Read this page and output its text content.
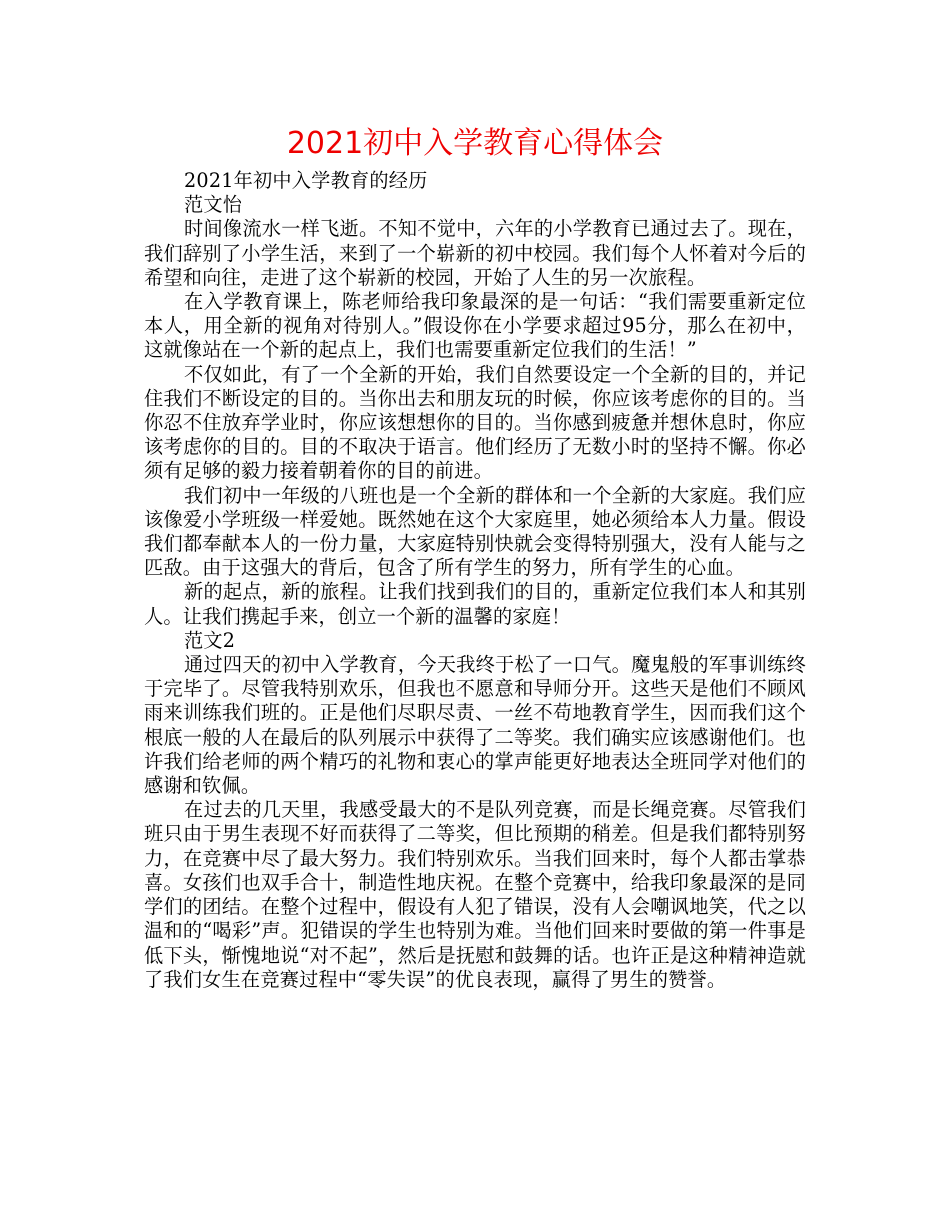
2021初中入学教育心得体会

2021年初中入学教育的经历

范文怡

时间像流水一样飞逝。不知不觉中，六年的小学教育已通过去了。现在，我们辞别了小学生活，来到了一个崭新的初中校园。我们每个人怀着对今后的希望和向往，走进了这个崭新的校园，开始了人生的另一次旅程。

在入学教育课上，陈老师给我印象最深的是一句话：“我们需要重新定位本人，用全新的视角对待别人。”假设你在小学要求超过95分，那么在初中，这就像站在一个新的起点上，我们也需要重新定位我们的生活！”

不仅如此，有了一个全新的开始，我们自然要设定一个全新的目的，并记住我们不断设定的目的。当你出去和朋友玩的时候，你应该考虑你的目的。当你忍不住放弃学业时，你应该想想你的目的。当你感到疲惫并想休息时，你应该考虑你的目的。目的不取决于语言。他们经历了无数小时的坚持不懈。你必须有足够的毅力接着朝着你的目的前进。

我们初中一年级的八班也是一个全新的群体和一个全新的大家庭。我们应该像爱小学班级一样爱她。既然她在这个大家庭里，她必须给本人力量。假设我们都奉献本人的一份力量，大家庭特别快就会变得特别强大，没有人能与之匹敌。由于这强大的背后，包含了所有学生的努力，所有学生的心血。

新的起点，新的旅程。让我们找到我们的目的，重新定位我们本人和其别人。让我们携起手来，创立一个新的温馨的家庭！

范文2

通过四天的初中入学教育，今天我终于松了一口气。魔鬼般的军事训练终于完毕了。尽管我特别欢乐，但我也不愿意和导师分开。这些天是他们不顾风雨来训练我们班的。正是他们尽职尽责、一丝不苟地教育学生，因而我们这个根底一般的人在最后的队列展示中获得了二等奖。我们确实应该感谢他们。也许我们给老师的两个精巧的礼物和衷心的掌声能更好地表达全班同学对他们的感谢和钦佩。

在过去的几天里，我感受最大的不是队列竞赛，而是长绳竞赛。尽管我们班只由于男生表现不好而获得了二等奖，但比预期的稍差。但是我们都特别努力，在竞赛中尽了最大努力。我们特别欢乐。当我们回来时，每个人都击掌恭喜。女孩们也双手合十，制造性地庆祝。在整个竞赛中，给我印象最深的是同学们的团结。在整个过程中，假设有人犯了错误，没有人会嘲讽地笑，代之以温和的“喝彩”声。犯错误的学生也特别为难。当他们回来时要做的第一件事是低下头，惭愧地说“对不起”，然后是抚慰和鼓舞的话。也许正是这种精神造就了我们女生在竞赛过程中“零失误”的优良表现，赢得了男生的赞誉。
